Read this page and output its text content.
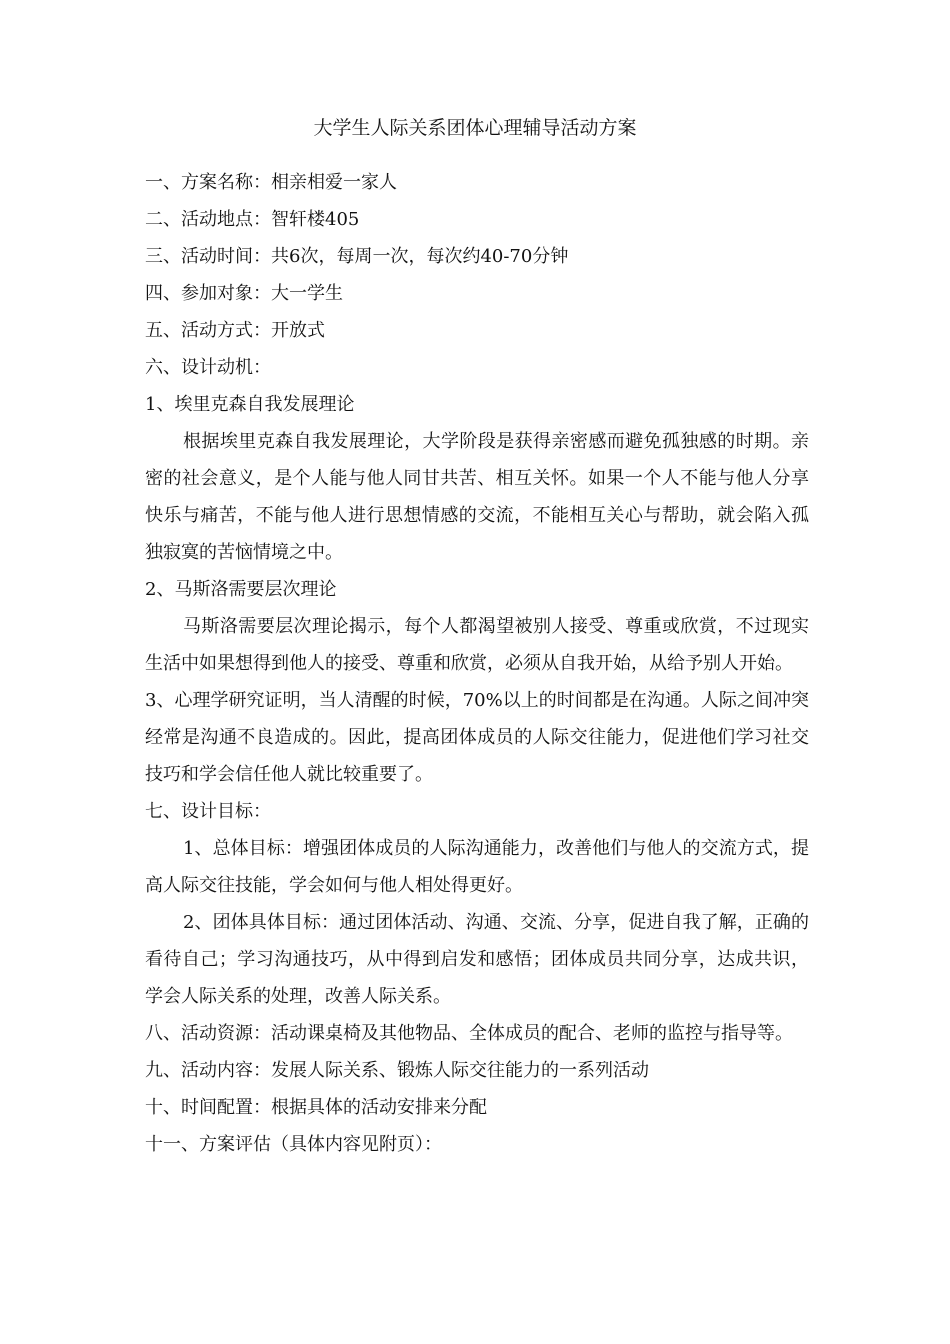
大学生人际关系团体心理辅导活动方案
一、方案名称：相亲相爱一家人
二、活动地点：智轩楼405
三、活动时间：共6次，每周一次，每次约40-70分钟
四、参加对象：大一学生
五、活动方式：开放式
六、设计动机：
1、埃里克森自我发展理论
根据埃里克森自我发展理论，大学阶段是获得亲密感而避免孤独感的时期。亲密的社会意义，是个人能与他人同甘共苦、相互关怀。如果一个人不能与他人分享快乐与痛苦，不能与他人进行思想情感的交流，不能相互关心与帮助，就会陷入孤独寂寞的苦恼情境之中。
2、马斯洛需要层次理论
马斯洛需要层次理论揭示，每个人都渴望被别人接受、尊重或欣赏，不过现实生活中如果想得到他人的接受、尊重和欣赏，必须从自我开始，从给予别人开始。
3、心理学研究证明，当人清醒的时候，70%以上的时间都是在沟通。人际之间冲突经常是沟通不良造成的。因此，提高团体成员的人际交往能力，促进他们学习社交技巧和学会信任他人就比较重要了。
七、设计目标：
1、总体目标：增强团体成员的人际沟通能力，改善他们与他人的交流方式，提高人际交往技能，学会如何与他人相处得更好。
2、团体具体目标：通过团体活动、沟通、交流、分享，促进自我了解，正确的看待自己；学习沟通技巧，从中得到启发和感悟；团体成员共同分享，达成共识，学会人际关系的处理，改善人际关系。
八、活动资源：活动课桌椅及其他物品、全体成员的配合、老师的监控与指导等。
九、活动内容：发展人际关系、锻炼人际交往能力的一系列活动
十、时间配置：根据具体的活动安排来分配
十一、方案评估（具体内容见附页）：
